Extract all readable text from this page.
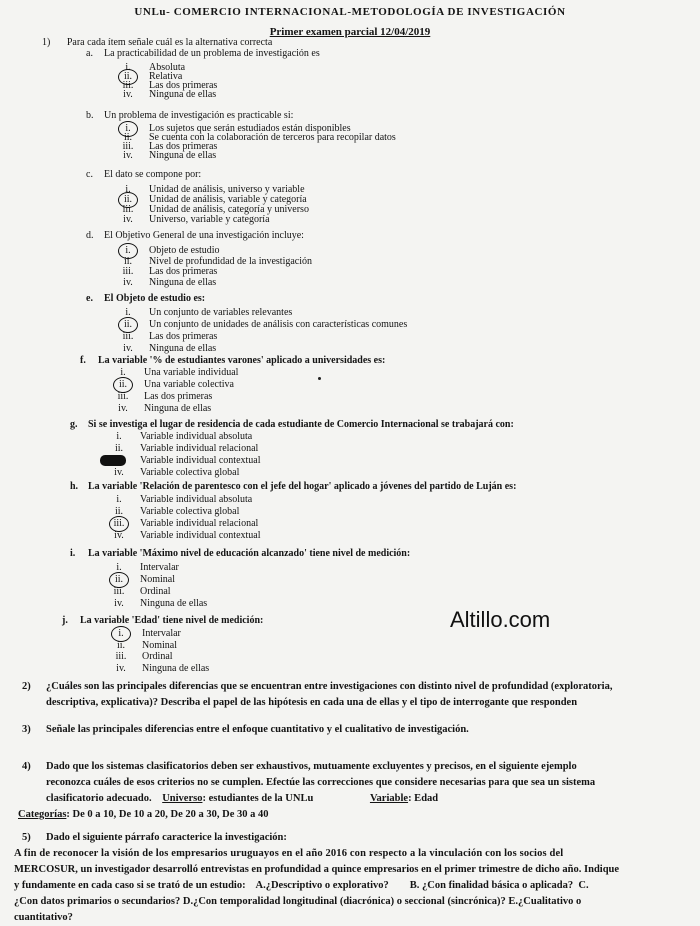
UNLu- COMERCIO INTERNACIONAL-METODOLOGÍA DE INVESTIGACIÓN
Primer examen parcial 12/04/2019
1) Para cada ítem señale cuál es la alternativa correcta
a. La practicabilidad de un problema de investigación es
i.	Absoluta
ii.	Relativa
iii.	Las dos primeras
iv.	Ninguna de ellas
b. Un problema de investigación es practicable si:
i.	Los sujetos que serán estudiados están disponibles
ii.	Se cuenta con la colaboración de terceros para recopilar datos
iii.	Las dos primeras
iv.	Ninguna de ellas
c. El dato se compone por:
i.	Unidad de análisis, universo y variable
ii.	Unidad de análisis, variable y categoría
iii.	Unidad de análisis, categoría y universo
iv.	Universo, variable y categoría
d. El Objetivo General de una investigación incluye:
i.	Objeto de estudio
ii.	Nivel de profundidad de la investigación
iii.	Las dos primeras
iv.	Ninguna de ellas
e. El Objeto de estudio es:
i.	Un conjunto de variables relevantes
ii.	Un conjunto de unidades de análisis con características comunes
iii.	Las dos primeras
iv.	Ninguna de ellas
f. La variable '% de estudiantes varones' aplicado a universidades es:
i.	Una variable individual
ii.	Una variable colectiva
iii.	Las dos primeras
iv.	Ninguna de ellas
g. Si se investiga el lugar de residencia de cada estudiante de Comercio Internacional se trabajará con:
i.	Variable individual absoluta
ii.	Variable individual relacional
Variable individual contextual
iv.	Variable colectiva global
h. La variable 'Relación de parentesco con el jefe del hogar' aplicado a jóvenes del partido de Luján es:
i.	Variable individual absoluta
ii.	Variable colectiva global
iii.	Variable individual relacional
iv.	Variable individual contextual
i. La variable 'Máximo nivel de educación alcanzado' tiene nivel de medición:
i.	Intervalar
ii.	Nominal
iii.	Ordinal
iv.	Ninguna de ellas
j. La variable 'Edad' tiene nivel de medición:
i.	Intervalar
ii.	Nominal
iii.	Ordinal
iv.	Ninguna de ellas
2) ¿Cuáles son las principales diferencias que se encuentran entre investigaciones con distinto nivel de profundidad (exploratoria,
descriptiva, explicativa)? Describa el papel de las hipótesis en cada una de ellas y el tipo de interrogante que responden
3) Señale las principales diferencias entre el enfoque cuantitativo y el cualitativo de investigación.
4) Dado que los sistemas clasificatorios deben ser exhaustivos, mutuamente excluyentes y precisos, en el siguiente ejemplo
reconozca cuáles de esos criterios no se cumplen. Efectúe las correcciones que considere necesarias para que sea un sistema
clasificatorio adecuado. Universo: estudiantes de la UNLu	Variable: Edad
Categorías: De 0 a 10, De 10 a 20, De 20 a 30, De 30 a 40
5) Dado el siguiente párrafo caracterice la investigación:
A fin de reconocer la visión de los empresarios uruguayos en el año 2016 con respecto a la vinculación con los socios del
MERCOSUR, un investigador desarrolló entrevistas en profundidad a quince empresarios en el primer trimestre de dicho año. Indique
y fundamente en cada caso si se trató de un estudio:    A.¿Descriptivo o explorativo?        B. ¿Con finalidad básica o aplicada?  C.
¿Con datos primarios o secundarios? D.¿Con temporalidad longitudinal (diacrónica) o seccional (sincrónica)? E.¿Cualitativo o
cuantitativo?
Altillo.com
